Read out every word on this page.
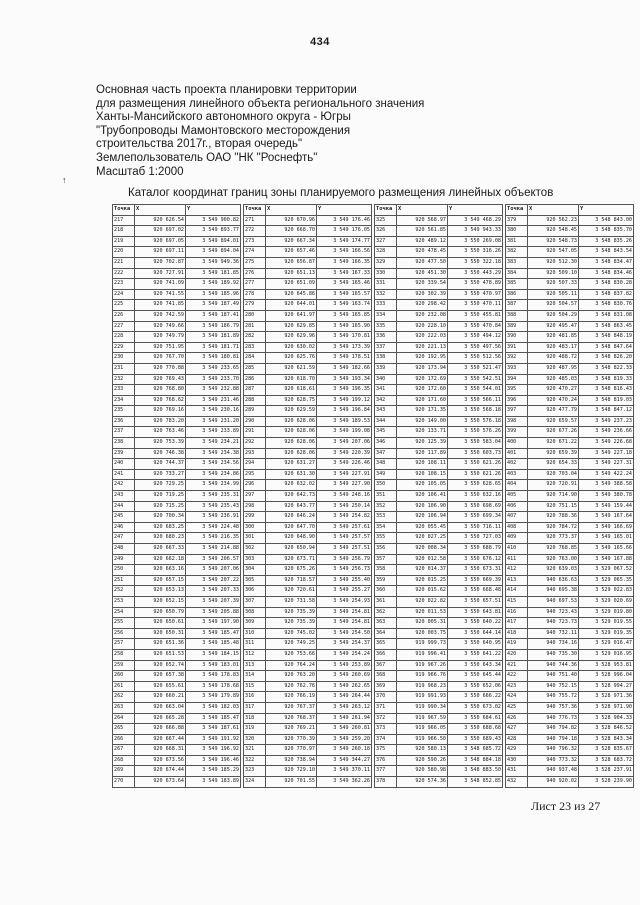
434
↑
Основная часть проекта планировки территории
для размещения линейного объекта регионального значения
Ханты-Мансийского автономного округа - Югры
"Трубопроводы Мамонтовского месторождения
строительства 2017г., вторая очередь"
Землепользователь ОАО "НК "Роснефть"
Масштаб 1:2000
Каталог координат границ зоны планируемого размещения линейных объектов
Точка	X	Y
217	920 626.54	3 549 900.82
218	920 697.02	3 549 893.77
219	920 697.05	3 549 894.01
220	920 697.11	3 549 894.04
221	920 702.87	3 549 949.36
222	920 727.91	3 549 181.85
223	920 741.09	3 549 189.92
224	920 741.55	3 549 185.96
225	920 741.85	3 549 187.49
226	920 742.59	3 549 187.41
227	920 749.66	3 549 186.79
228	920 749.79	3 549 181.89
229	920 751.95	3 549 181.71
230	920 767.70	3 549 180.81
231	920 770.88	3 549 233.65
232	920 769.43	3 549 233.70
233	920 768.80	3 549 232.88
234	920 768.62	3 549 231.46
235	920 769.16	3 549 230.16
236	920 783.20	3 549 231.20
237	920 763.46	3 549 233.89
238	920 753.39	3 549 234.21
239	920 746.38	3 549 234.38
240	920 744.37	3 549 234.56
241	920 733.27	3 549 234.86
242	920 729.25	3 549 234.99
243	920 719.25	3 549 235.31
244	920 715.25	3 549 235.43
245	920 700.34	3 549 236.91
246	920 683.25	3 549 224.48
247	920 680.23	3 549 216.35
248	920 667.33	3 549 214.88
249	920 662.18	3 549 206.57
250	920 663.16	3 549 207.06
251	920 657.15	3 549 207.22
252	920 653.13	3 549 207.33
253	920 652.15	3 549 207.39
254	920 650.79	3 549 205.88
255	920 650.61	3 549 197.90
256	920 650.31	3 549 185.47
257	920 651.36	3 549 185.48
258	920 651.53	3 549 184.15
259	920 652.74	3 549 183.01
260	920 657.38	3 549 178.83
261	920 655.61	3 549 178.68
262	920 660.21	3 549 179.89
263	920 663.04	3 549 182.03
264	920 665.28	3 549 185.47
265	920 666.88	3 549 187.61
266	920 667.44	3 549 191.92
267	920 668.31	3 549 196.92
268	920 673.56	3 549 196.46
269	920 674.44	3 549 185.29
270	920 673.64	3 549 183.89
Точка	X	Y
271	920 670.96	3 549 176.46
272	920 668.70	3 549 176.05
273	920 667.34	3 549 174.77
274	920 657.46	3 549 166.56
275	920 656.87	3 549 166.35
276	920 651.13	3 549 167.33
277	920 651.09	3 549 165.46
278	920 645.86	3 549 165.57
279	920 644.01	3 549 163.74
280	920 641.97	3 549 165.85
281	920 629.85	3 549 165.90
282	920 629.96	3 549 170.81
283	920 630.02	3 549 173.39
284	920 625.76	3 549 178.51
285	920 621.59	3 549 182.66
286	920 618.70	3 549 193.34
287	920 618.61	3 549 196.35
288	920 628.75	3 549 199.12
289	920 629.59	3 549 196.84
290	920 628.06	3 549 189.53
291	920 628.06	3 549 199.08
292	920 628.06	3 549 207.06
293	920 628.06	3 549 220.39
294	920 631.27	3 549 226.46
295	920 631.30	3 549 227.91
296	920 632.02	3 549 227.90
297	920 642.73	3 549 248.16
298	920 643.77	3 549 250.14
299	920 646.24	3 549 254.82
300	920 647.70	3 549 257.61
301	920 648.90	3 549 257.57
302	920 650.94	3 549 257.51
303	920 673.71	3 549 256.79
304	920 675.26	3 549 256.73
305	920 718.57	3 549 255.40
306	920 720.61	3 549 255.27
307	920 731.58	3 549 254.93
308	920 735.39	3 549 254.81
309	920 735.39	3 549 254.81
310	920 745.02	3 549 254.50
311	920 749.25	3 549 254.37
312	920 753.66	3 549 254.24
313	920 764.24	3 549 253.89
314	920 763.20	3 549 260.69
315	920 762.76	3 549 262.65
316	920 766.19	3 549 264.44
317	920 767.37	3 549 263.12
318	920 768.37	3 549 261.94
319	920 769.21	3 549 260.81
320	920 770.39	3 549 259.20
321	920 770.97	3 549 260.18
322	920 738.94	3 549 344.27
323	920 729.10	3 549 370.11
324	920 701.55	3 549 362.26
Точка	X	Y
325	920 568.97	3 549 468.29
326	920 561.85	3 549 943.33
327	920 489.12	3 550 269.08
328	920 478.45	3 550 316.26
329	920 477.50	3 550 322.18
330	920 451.30	3 550 443.29
331	920 339.54	3 550 478.89
332	920 302.39	3 550 470.97
333	920 298.42	3 550 470.11
334	920 232.08	3 550 455.81
335	920 228.10	3 550 470.84
336	920 222.03	3 550 494.12
337	920 221.13	3 550 497.56
338	920 192.95	3 550 512.56
339	920 173.94	3 550 521.47
340	920 172.69	3 550 542.51
341	920 172.60	3 550 544.01
342	920 171.60	3 550 566.11
343	920 171.35	3 550 568.18
344	920 149.00	3 550 576.18
345	920 133.71	3 550 576.26
346	920 125.39	3 550 583.04
347	920 117.89	3 550 603.73
348	920 108.11	3 550 621.26
349	920 108.15	3 550 621.26
350	920 105.05	3 550 628.65
351	920 106.41	3 550 632.16
352	920 106.90	3 550 698.69
353	920 106.94	3 550 699.34
354	920 055.45	3 550 716.11
355	920 027.25	3 550 727.03
356	920 008.34	3 550 688.79
357	920 012.58	3 550 676.12
358	920 014.37	3 550 673.31
359	920 015.25	3 550 669.39
360	920 015.62	3 550 668.48
361	920 022.82	3 550 657.51
362	920 011.53	3 550 643.81
363	920 005.31	3 550 640.22
364	920 003.75	3 550 644.14
365	919 999.73	3 550 640.95
366	919 996.41	3 550 641.22
367	919 967.26	3 550 643.34
368	919 966.76	3 550 645.44
369	919 968.23	3 550 652.06
370	919 991.93	3 550 666.22
371	919 990.34	3 550 673.02
372	919 967.59	3 550 684.61
373	919 966.05	3 550 688.68
374	919 966.50	3 550 689.43
375	920 580.13	3 548 685.72
376	920 590.26	3 548 884.18
377	920 580.98	3 548 883.50
378	920 574.36	3 548 852.85
Точка	X	Y
379	920 562.23	3 548 843.00
380	920 548.45	3 548 835.70
381	920 548.73	3 548 835.26
382	920 547.05	3 548 843.54
383	920 512.30	3 548 834.47
384	920 509.10	3 548 834.46
385	920 507.33	3 548 830.28
386	920 505.11	3 548 837.82
387	920 504.57	3 548 830.76
388	920 504.29	3 548 831.08
389	920 495.47	3 548 863.45
390	920 481.85	3 548 848.19
391	920 483.17	3 548 847.64
392	920 488.72	3 548 826.20
393	920 487.95	3 548 822.33
394	920 485.03	3 548 819.33
395	920 470.27	3 548 816.43
396	920 470.24	3 548 819.03
397	920 477.79	3 548 847.12
398	920 659.57	3 549 237.23
399	920 677.26	3 549 236.66
400	920 671.22	3 549 226.68
401	920 659.39	3 549 227.18
402	920 654.33	3 549 227.31
403	920 703.04	3 549 422.24
404	920 720.91	3 549 388.58
405	920 714.90	3 549 380.78
406	920 751.15	3 549 159.44
407	920 788.36	3 549 167.64
408	920 784.72	3 549 166.69
409	920 773.37	3 549 165.01
410	920 768.85	3 549 165.66
411	920 763.00	3 549 167.88
412	920 639.03	3 529 067.52
413	940 636.63	3 529 065.35
414	940 695.38	3 529 022.83
415	940 697.53	3 529 020.69
416	940 723.43	3 529 019.80
417	940 723.73	3 529 019.55
418	940 732.11	3 529 019.35
419	940 734.16	3 529 016.47
420	940 735.30	3 529 016.95
421	940 744.36	3 528 953.81
422	940 751.40	3 528 996.04
423	940 752.15	3 528 994.27
424	940 755.72	3 528 971.36
425	940 757.36	3 528 971.90
426	940 776.73	3 528 904.33
427	940 794.82	3 528 846.52
428	940 794.18	3 528 843.34
429	940 796.32	3 528 835.67
430	940 773.32	3 528 683.72
431	940 937.48	3 528 237.91
432	940 920.02	3 528 239.90
Лист 23 из 27
